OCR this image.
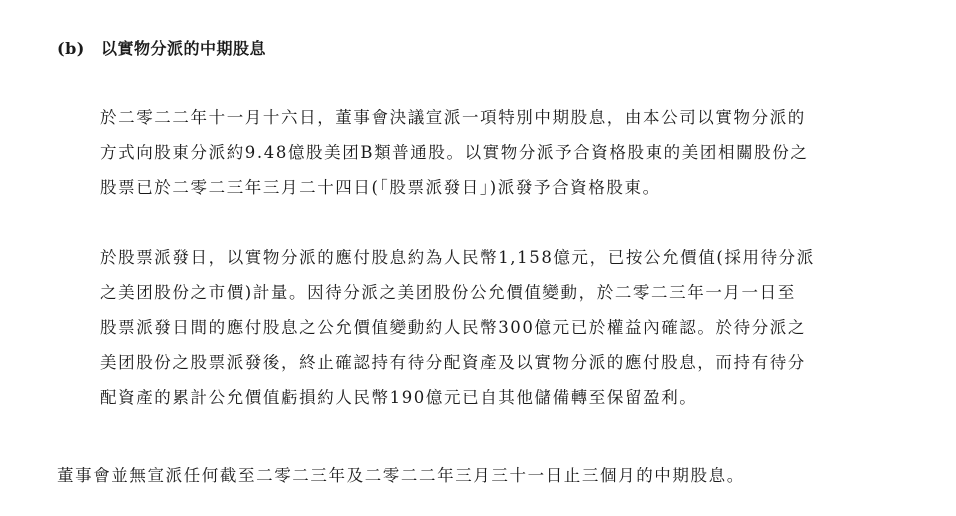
(b) 以實物分派的中期股息
於二零二二年十一月十六日，董事會決議宣派一項特別中期股息，由本公司以實物分派的
方式向股東分派約9.48億股美团B類普通股。以實物分派予合資格股東的美团相關股份之
股票已於二零二三年三月二十四日(「股票派發日」)派發予合資格股東。
於股票派發日，以實物分派的應付股息約為人民幣1,158億元，已按公允價值(採用待分派
之美团股份之市價)計量。因待分派之美团股份公允價值變動，於二零二三年一月一日至
股票派發日間的應付股息之公允價值變動約人民幣300億元已於權益內確認。於待分派之
美团股份之股票派發後，終止確認持有待分配資產及以實物分派的應付股息，而持有待分
配資產的累計公允價值虧損約人民幣190億元已自其他儲備轉至保留盈利。
董事會並無宣派任何截至二零二三年及二零二二年三月三十一日止三個月的中期股息。
